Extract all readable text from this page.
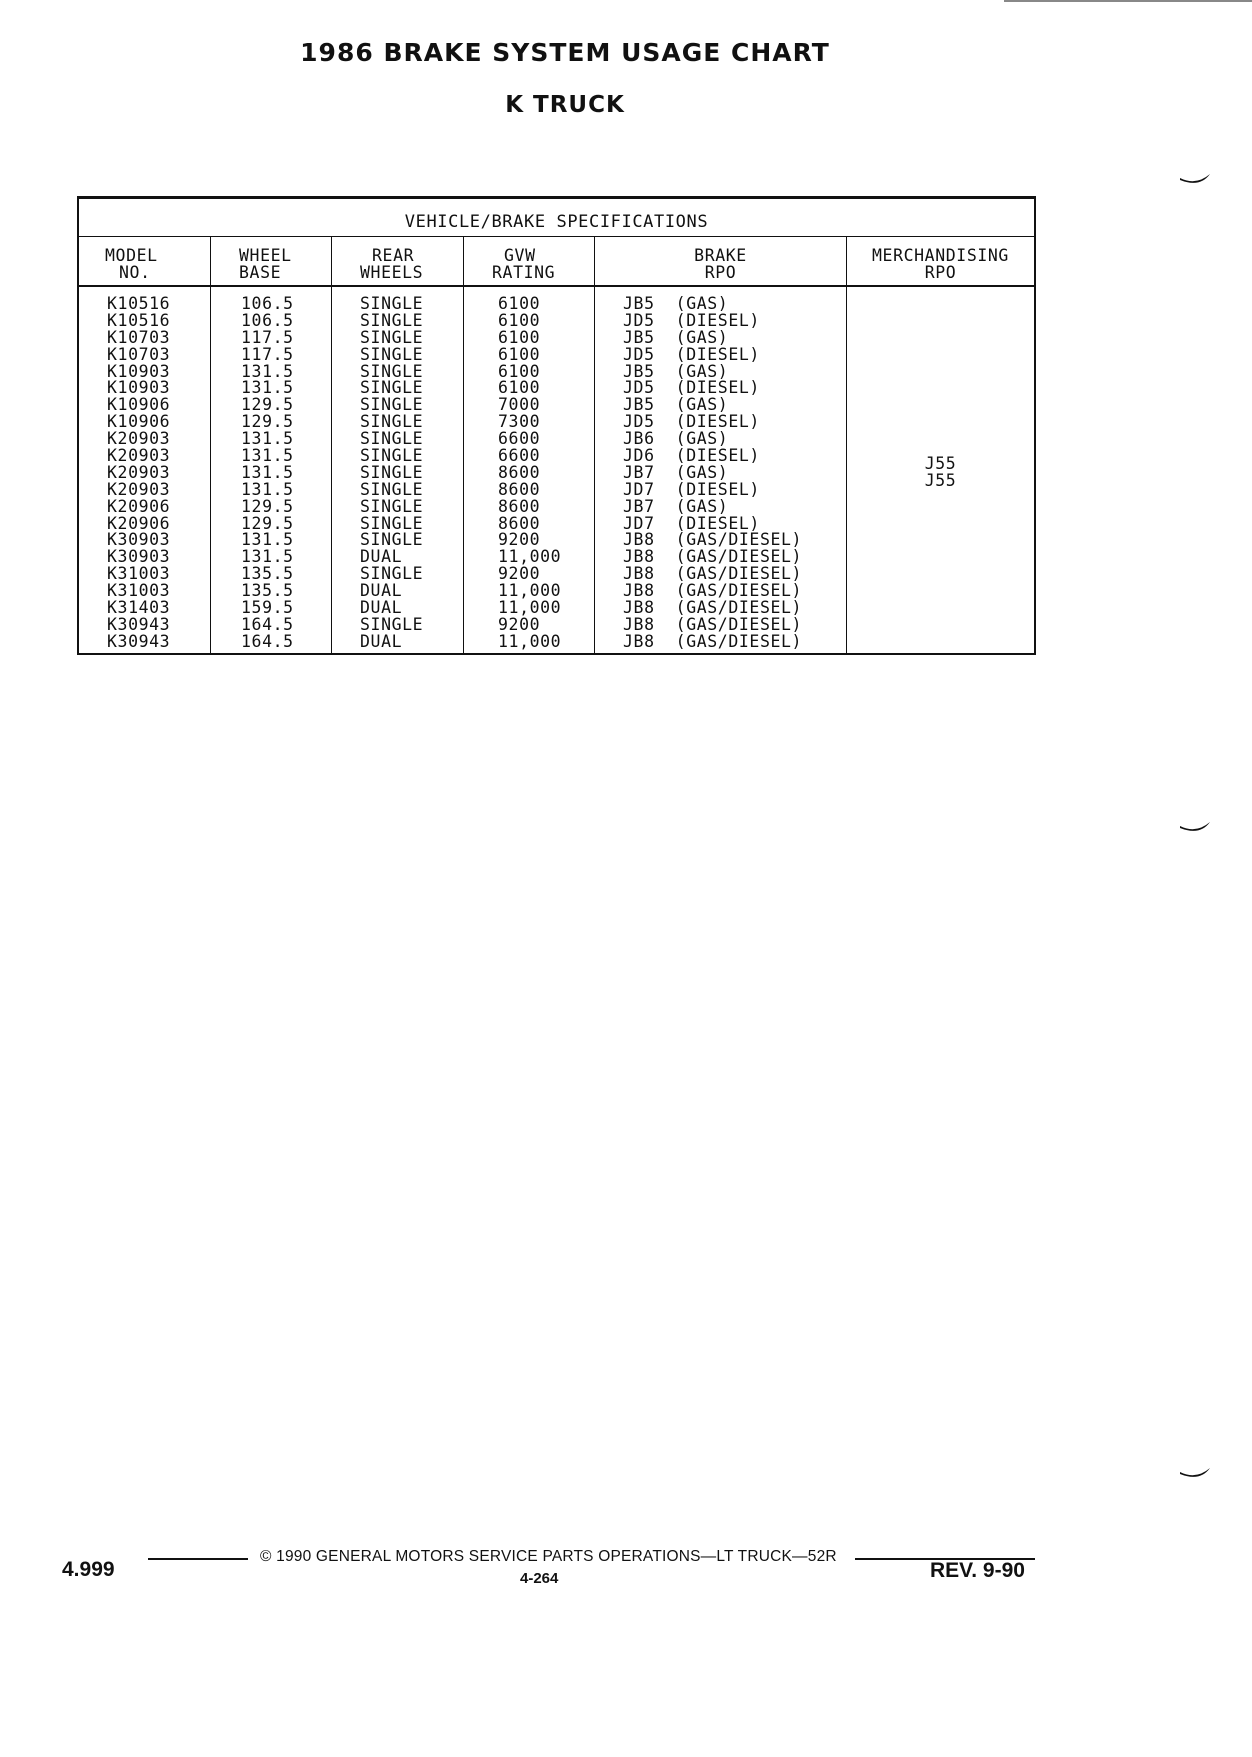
1986 BRAKE SYSTEM USAGE CHART
K TRUCK
VEHICLE/BRAKE SPECIFICATIONS
MODEL
NO.
K10516
K10516
K10703
K10703
K10903
K10903
K10906
K10906
K20903
K20903
K20903
K20903
K20906
K20906
K30903
K30903
K31003
K31003
K31403
K30943
K30943
WHEEL
BASE
106.5
106.5
117.5
117.5
131.5
131.5
129.5
129.5
131.5
131.5
131.5
131.5
129.5
129.5
131.5
131.5
135.5
135.5
159.5
164.5
164.5
REAR
WHEELS
SINGLE
SINGLE
SINGLE
SINGLE
SINGLE
SINGLE
SINGLE
SINGLE
SINGLE
SINGLE
SINGLE
SINGLE
SINGLE
SINGLE
SINGLE
DUAL
SINGLE
DUAL
DUAL
SINGLE
DUAL
GVW
RATING
6100
6100
6100
6100
6100
6100
7000
7300
6600
6600
8600
8600
8600
8600
9200
11,000
9200
11,000
11,000
9200
11,000
BRAKE
RPO
JB5  (GAS)
JD5  (DIESEL)
JB5  (GAS)
JD5  (DIESEL)
JB5  (GAS)
JD5  (DIESEL)
JB5  (GAS)
JD5  (DIESEL)
JB6  (GAS)
JD6  (DIESEL)
JB7  (GAS)
JD7  (DIESEL)
JB7  (GAS)
JD7  (DIESEL)
JB8  (GAS/DIESEL)
JB8  (GAS/DIESEL)
JB8  (GAS/DIESEL)
JB8  (GAS/DIESEL)
JB8  (GAS/DIESEL)
JB8  (GAS/DIESEL)
JB8  (GAS/DIESEL)
MERCHANDISING
RPO
J55
J55
4.999
© 1990 GENERAL MOTORS SERVICE PARTS OPERATIONS—LT TRUCK—52R
4-264	REV. 9-90
